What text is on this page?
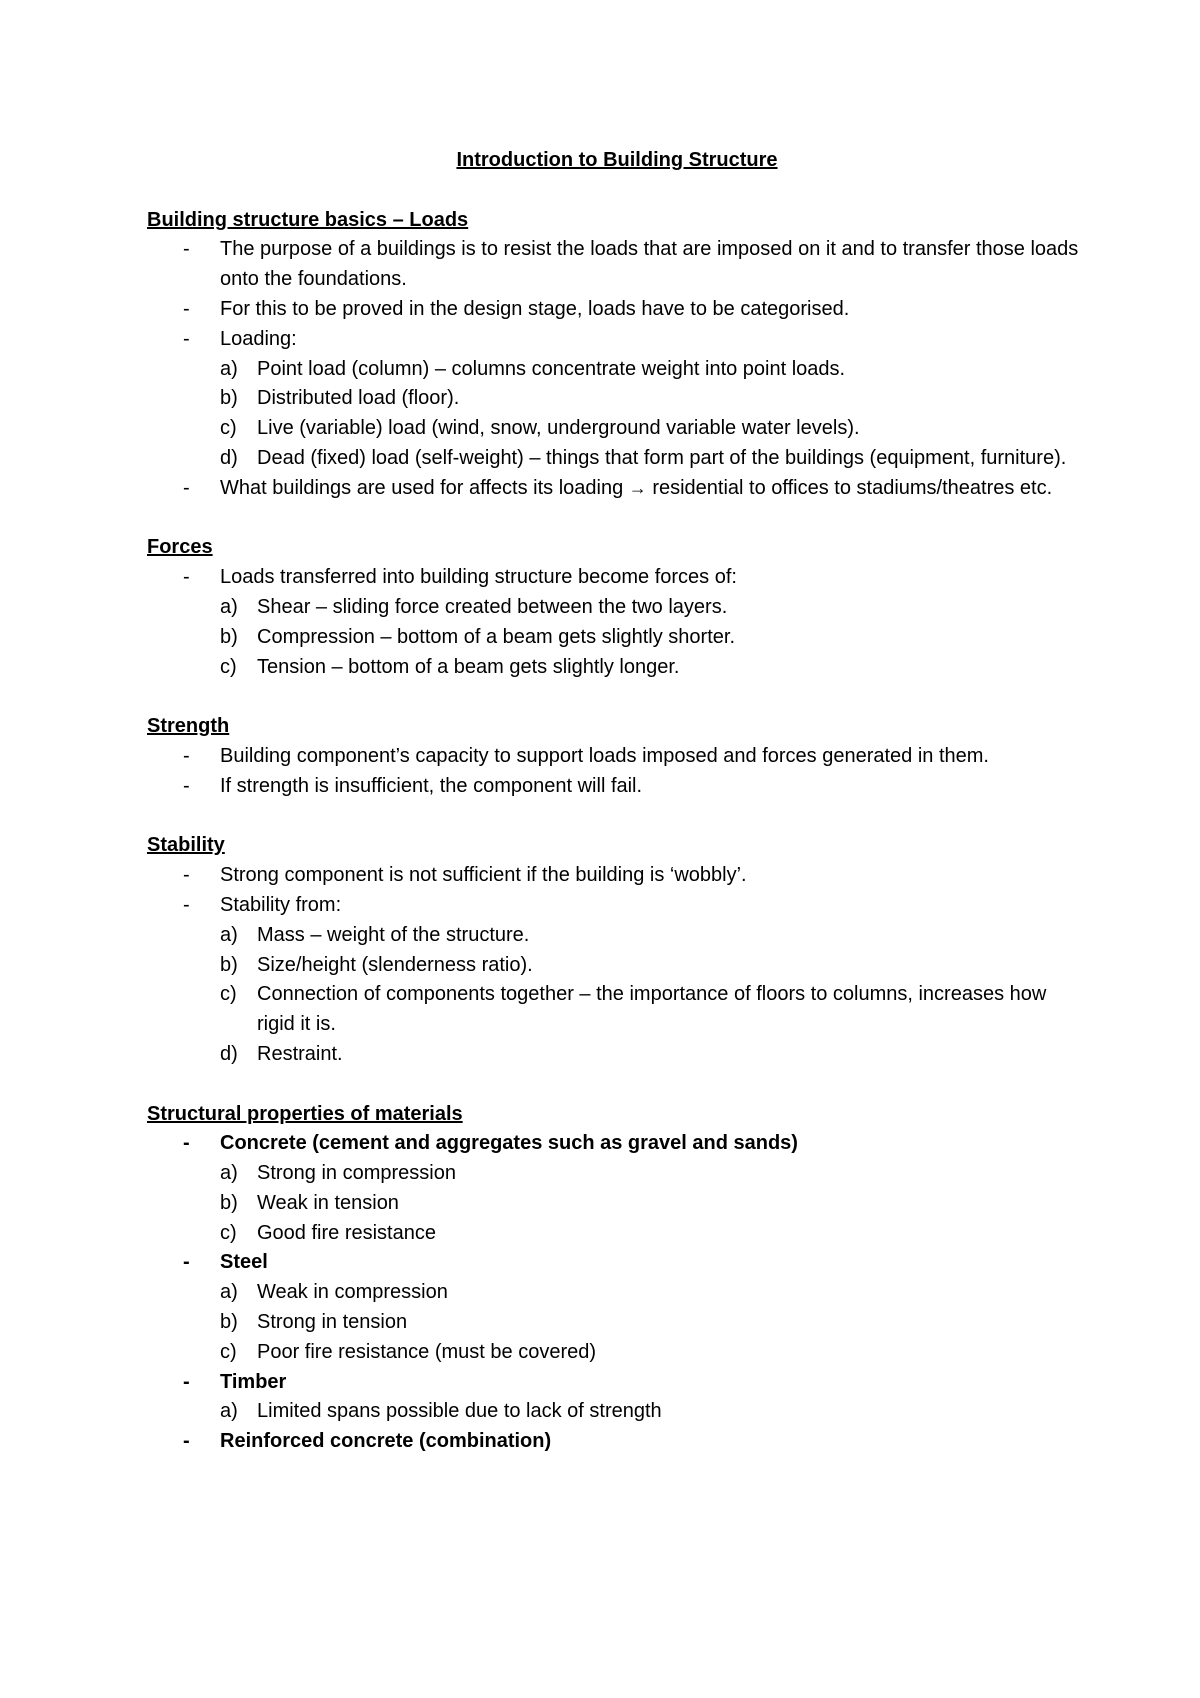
Introduction to Building Structure
Building structure basics – Loads
- The purpose of a buildings is to resist the loads that are imposed on it and to transfer those loads onto the foundations.
- For this to be proved in the design stage, loads have to be categorised.
- Loading:
a) Point load (column) – columns concentrate weight into point loads.
b) Distributed load (floor).
c) Live (variable) load (wind, snow, underground variable water levels).
d) Dead (fixed) load (self-weight) – things that form part of the buildings (equipment, furniture).
- What buildings are used for affects its loading → residential to offices to stadiums/theatres etc.
Forces
- Loads transferred into building structure become forces of:
a) Shear – sliding force created between the two layers.
b) Compression – bottom of a beam gets slightly shorter.
c) Tension – bottom of a beam gets slightly longer.
Strength
- Building component’s capacity to support loads imposed and forces generated in them.
- If strength is insufficient, the component will fail.
Stability
- Strong component is not sufficient if the building is ‘wobbly’.
- Stability from:
a) Mass – weight of the structure.
b) Size/height (slenderness ratio).
c) Connection of components together – the importance of floors to columns, increases how rigid it is.
d) Restraint.
Structural properties of materials
- Concrete (cement and aggregates such as gravel and sands)
a) Strong in compression
b) Weak in tension
c) Good fire resistance
- Steel
a) Weak in compression
b) Strong in tension
c) Poor fire resistance (must be covered)
- Timber
a) Limited spans possible due to lack of strength
- Reinforced concrete (combination)
